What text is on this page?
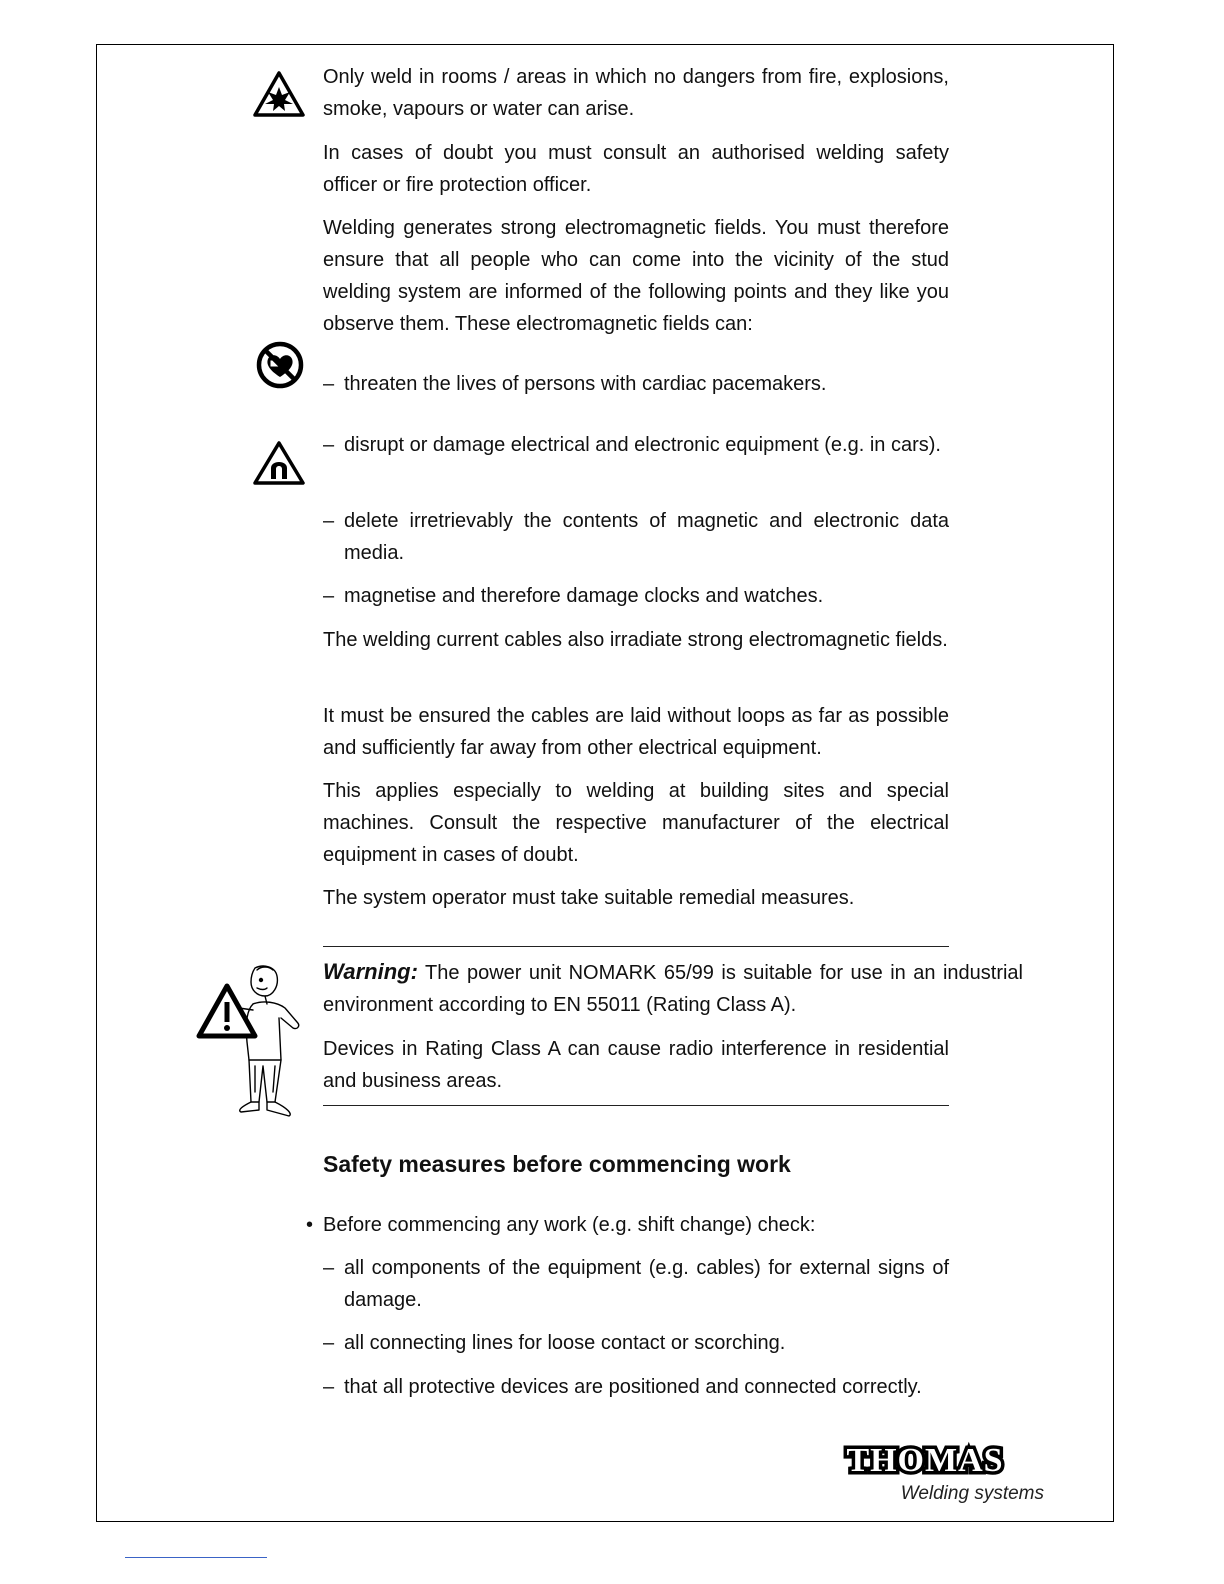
Only weld in rooms / areas in which no dangers from fire, explosions, smoke, vapours or water can arise.

In cases of doubt you must consult an authorised welding safety officer or fire protection officer.

Welding generates strong electromagnetic fields. You must therefore ensure that all people who can come into the vicinity of the stud welding system are informed of the following points and they like you observe them. These electromagnetic fields can:

– threaten the lives of persons with cardiac pacemakers.
– disrupt or damage electrical and electronic equipment (e.g. in cars).
– delete irretrievably the contents of magnetic and electronic data media.
– magnetise and therefore damage clocks and watches.

The welding current cables also irradiate strong electromagnetic fields.

It must be ensured the cables are laid without loops as far as possible and sufficiently far away from other electrical equipment.

This applies especially to welding at building sites and special machines. Consult the respective manufacturer of the electrical equipment in cases of doubt.

The system operator must take suitable remedial measures.

Warning: The power unit NOMARK 65/99 is suitable for use in an industrial environment according to EN 55011 (Rating Class A).

Devices in Rating Class A can cause radio interference in residential and business areas.

Safety measures before commencing work
• Before commencing any work (e.g. shift change) check:
– all components of the equipment (e.g. cables) for external signs of damage.
– all connecting lines for loose contact or scorching.
– that all protective devices are positioned and connected correctly.
THOMAS
Welding systems
